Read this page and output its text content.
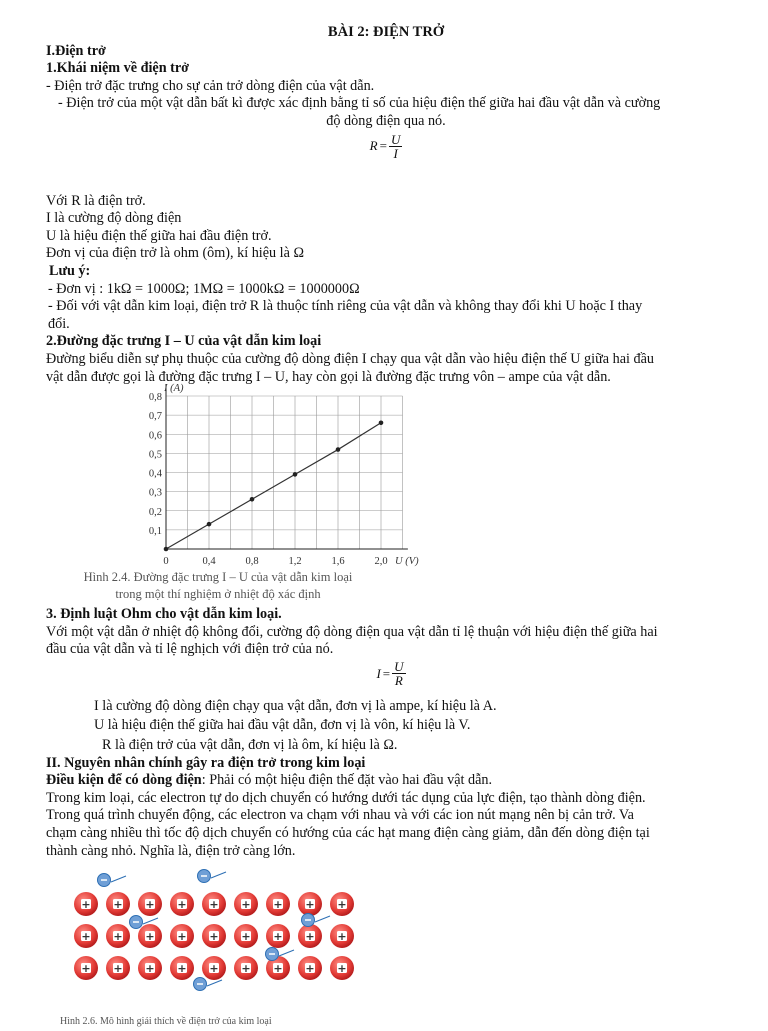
BÀI 2: ĐIỆN TRỞ

I.Điện trở

1.Khái niệm về điện trở

- Điện trở đặc trưng cho sự cản trở dòng điện của vật dẫn.

- Điện trở của một vật dẫn bất kì được xác định bằng tỉ số của hiệu điện thế giữa hai đầu vật dẫn và cường

độ dòng điện qua nó.

$R = \frac{U}{I}$

Với R là điện trở.

I là cường độ dòng điện

U là hiệu điện thế giữa hai đầu điện trở.

Đơn vị của điện trở là ohm (ôm), kí hiệu là Ω

Lưu ý:

- Đơn vị : 1kΩ = 1000Ω; 1MΩ = 1000kΩ = 1000000Ω

- Đối với vật dẫn kim loại, điện trở R là thuộc tính riêng của vật dẫn và không thay đổi khi U hoặc I thay

đổi.

2.Đường đặc trưng I – U của vật dẫn kim loại

Đường biểu diễn sự phụ thuộc của cường độ dòng điện I chạy qua vật dẫn vào hiệu điện thế U giữa hai đầu

vật dẫn được gọi là đường đặc trưng I – U, hay còn gọi là đường đặc trưng vôn – ampe của vật dẫn.

0,1
0,2
0,3
0,4
0,5
0,6
0,7
0,8
0	0,4	0,8	1,2	1,6	2,0
I (A)
U (V)

Hình 2.4. Đường đặc trưng I – U của vật dẫn kim loại

trong một thí nghiệm ở nhiệt độ xác định

3. Định luật Ohm cho vật dẫn kim loại.

Với một vật dẫn ở nhiệt độ không đổi, cường độ dòng điện qua vật dẫn tỉ lệ thuận với hiệu điện thế giữa hai

đầu của vật dẫn và tỉ lệ nghịch với điện trở của nó.

$I = \frac{U}{R}$

I là cường độ dòng điện chạy qua vật dẫn, đơn vị là ampe, kí hiệu là A.

U là hiệu điện thế giữa hai đầu vật dẫn, đơn vị là vôn, kí hiệu là V.

R là điện trở của vật dẫn, đơn vị là ôm, kí hiệu là Ω.

II. Nguyên nhân chính gây ra điện trở trong kim loại

Điều kiện để có dòng điện: Phải có một hiệu điện thế đặt vào hai đầu vật dẫn.

Trong kim loại, các electron tự do dịch chuyển có hướng dưới tác dụng của lực điện, tạo thành dòng điện.

Trong quá trình chuyển động, các electron va chạm với nhau và với các ion nút mạng nên bị cản trở. Va

chạm càng nhiều thì tốc độ dịch chuyển có hướng của các hạt mang điện càng giảm, dẫn đến dòng điện tại

thành càng nhỏ. Nghĩa là, điện trở càng lớn.

+ + + + + + + + +
+ + + + + + + + +
+ + + + + + + + +

Hình 2.6. Mô hình giải thích về điện trở của kim loại
